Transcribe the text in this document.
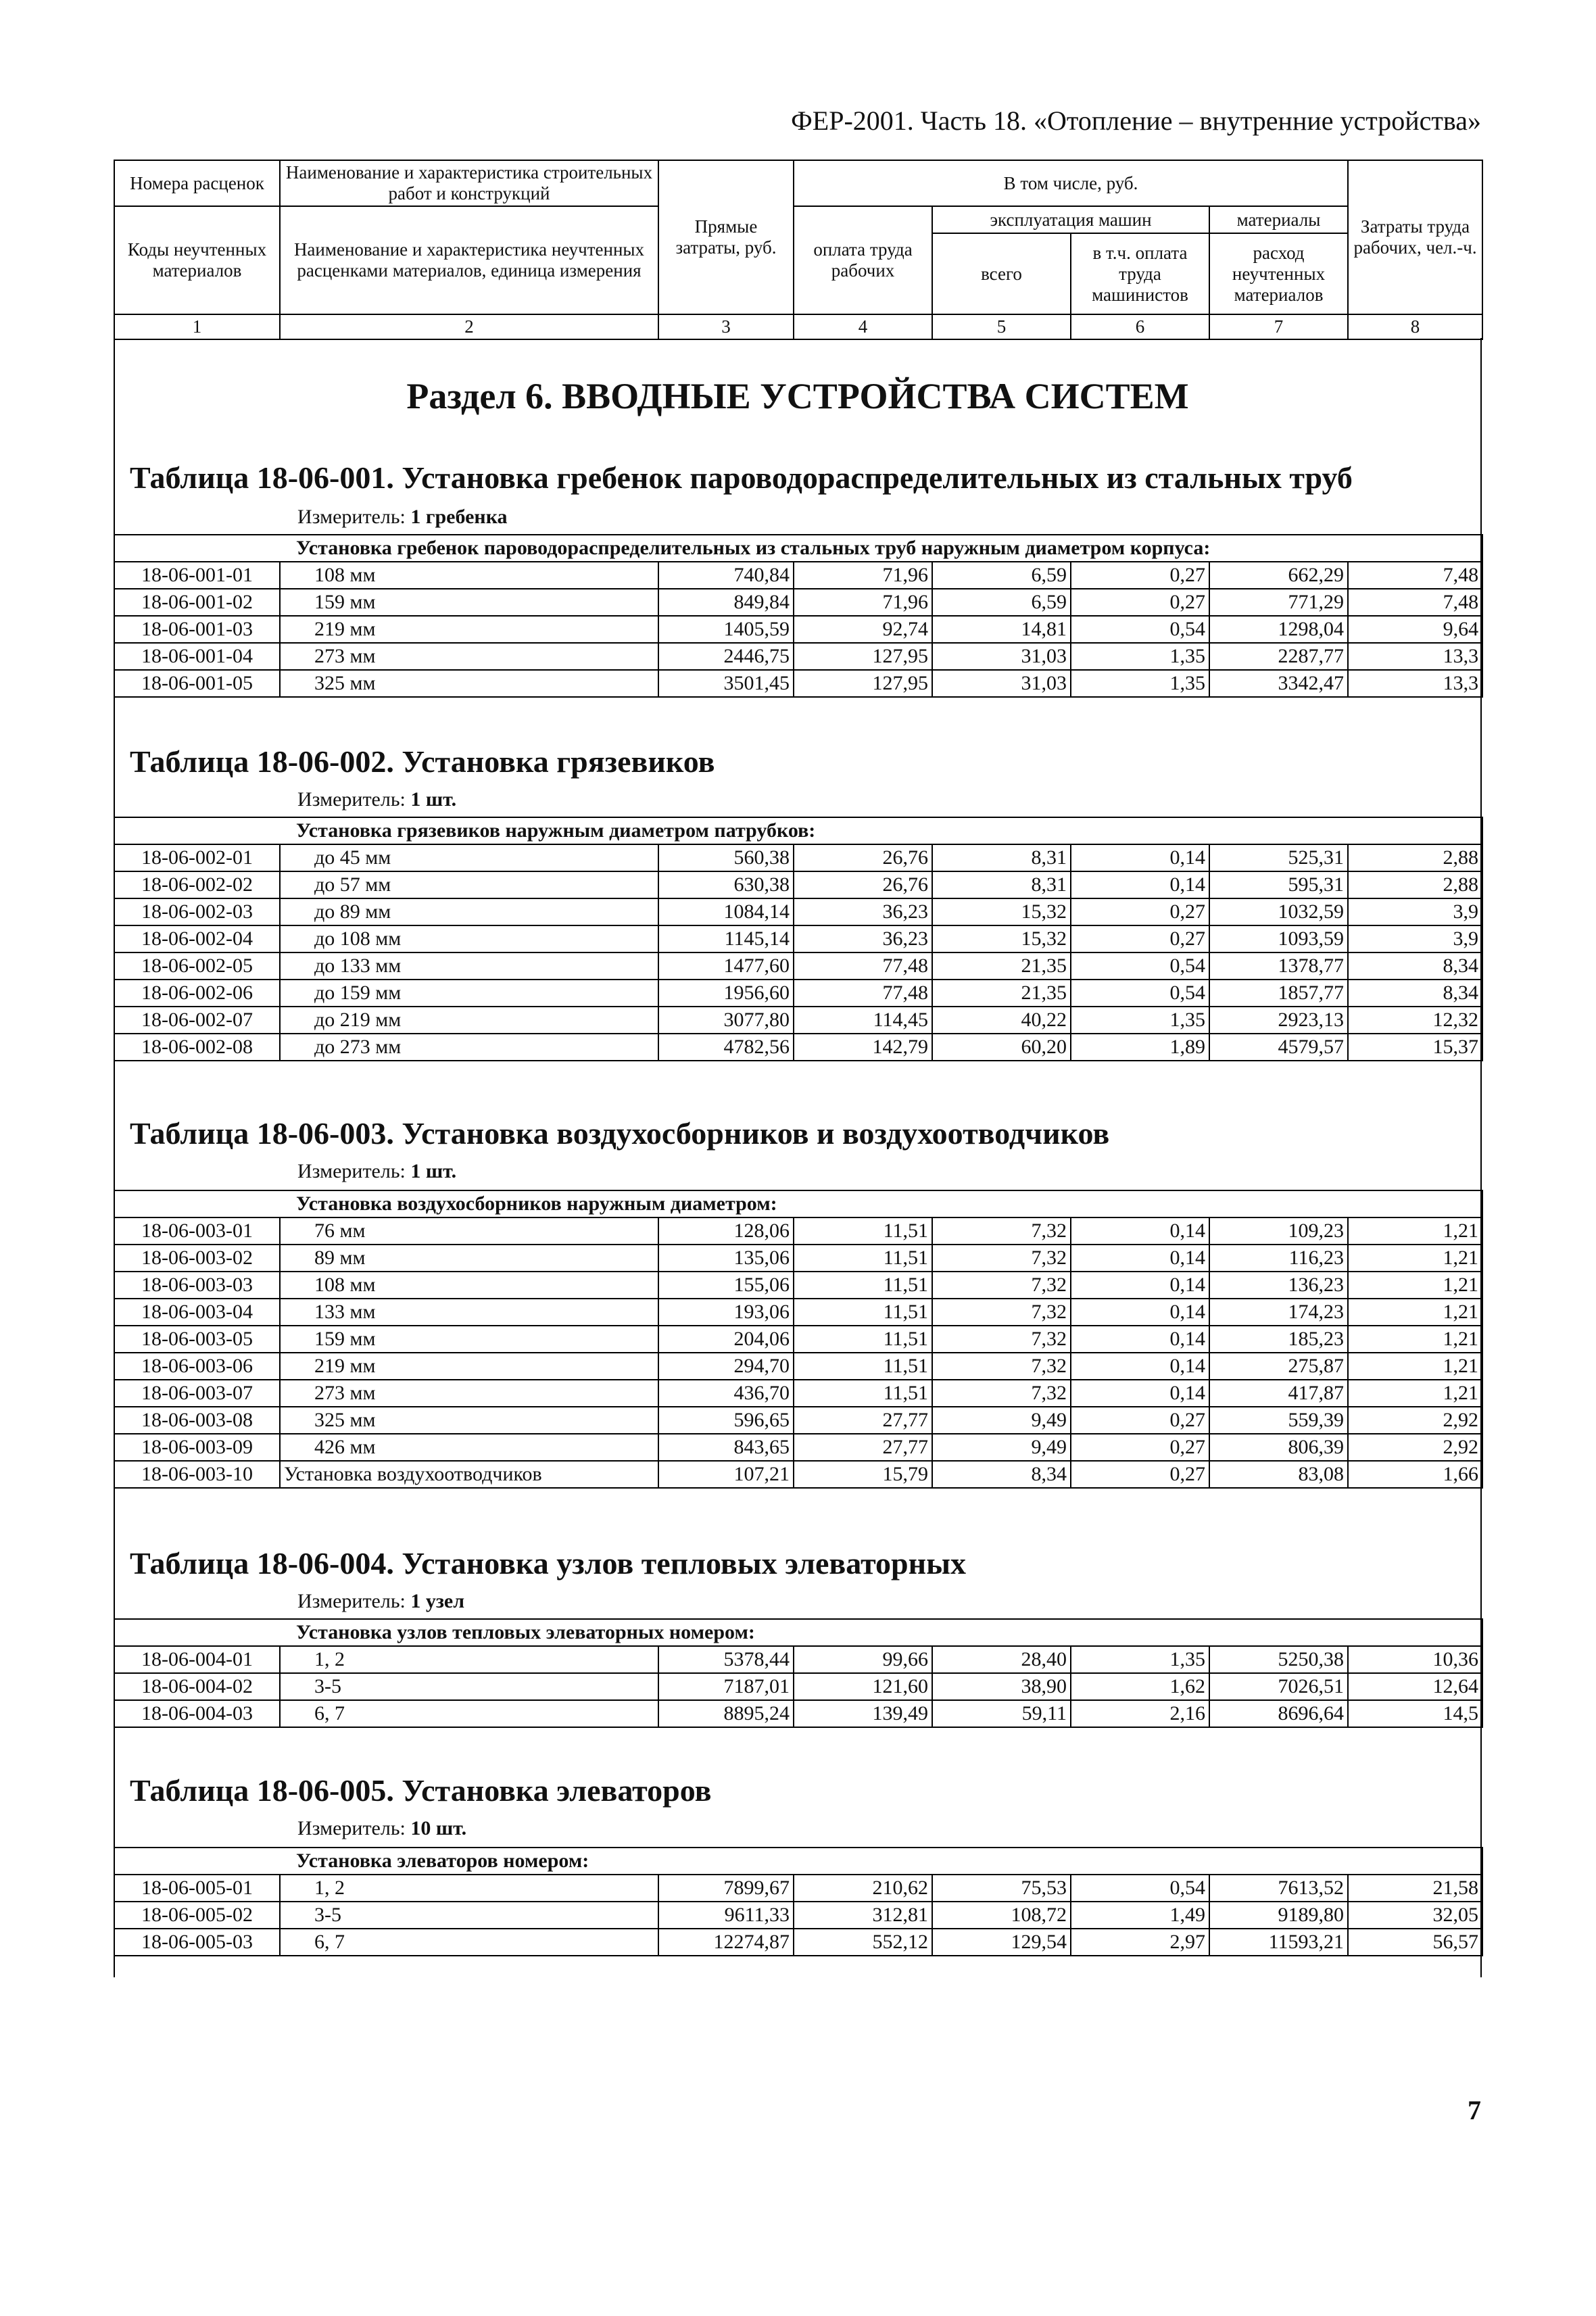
ФЕР-2001. Часть 18. «Отопление – внутренние устройства»
Номера расценок	Наименование и характеристика строительных работ и конструкций	Прямые затраты, руб.	В том числе, руб.				Затраты труда рабочих, чел.-ч.
Коды неучтенных материалов	Наименование и характеристика неучтенных расценками материалов, единица измерения		оплата труда рабочих	эксплуатация машин		материалы	
				всего	в т.ч. оплата труда машинистов	расход неучтенных материалов	
1	2	3	4	5	6	7	8
Раздел 6. ВВОДНЫЕ УСТРОЙСТВА СИСТЕМ
Таблица 18-06-001. Установка гребенок пароводораспределительных из стальных труб
Измеритель: 1 гребенка
Установка гребенок пароводораспределительных из стальных труб наружным диаметром корпуса:							
18-06-001-01	108 мм	740,84	71,96	6,59	0,27	662,29	7,48
18-06-001-02	159 мм	849,84	71,96	6,59	0,27	771,29	7,48
18-06-001-03	219 мм	1405,59	92,74	14,81	0,54	1298,04	9,64
18-06-001-04	273 мм	2446,75	127,95	31,03	1,35	2287,77	13,3
18-06-001-05	325 мм	3501,45	127,95	31,03	1,35	3342,47	13,3
Таблица 18-06-002. Установка грязевиков
Измеритель: 1 шт.
Установка грязевиков наружным диаметром патрубков:							
18-06-002-01	до 45 мм	560,38	26,76	8,31	0,14	525,31	2,88
18-06-002-02	до 57 мм	630,38	26,76	8,31	0,14	595,31	2,88
18-06-002-03	до 89 мм	1084,14	36,23	15,32	0,27	1032,59	3,9
18-06-002-04	до 108 мм	1145,14	36,23	15,32	0,27	1093,59	3,9
18-06-002-05	до 133 мм	1477,60	77,48	21,35	0,54	1378,77	8,34
18-06-002-06	до 159 мм	1956,60	77,48	21,35	0,54	1857,77	8,34
18-06-002-07	до 219 мм	3077,80	114,45	40,22	1,35	2923,13	12,32
18-06-002-08	до 273 мм	4782,56	142,79	60,20	1,89	4579,57	15,37
Таблица 18-06-003. Установка воздухосборников и воздухоотводчиков
Измеритель: 1 шт.
Установка воздухосборников наружным диаметром:							
18-06-003-01	76 мм	128,06	11,51	7,32	0,14	109,23	1,21
18-06-003-02	89 мм	135,06	11,51	7,32	0,14	116,23	1,21
18-06-003-03	108 мм	155,06	11,51	7,32	0,14	136,23	1,21
18-06-003-04	133 мм	193,06	11,51	7,32	0,14	174,23	1,21
18-06-003-05	159 мм	204,06	11,51	7,32	0,14	185,23	1,21
18-06-003-06	219 мм	294,70	11,51	7,32	0,14	275,87	1,21
18-06-003-07	273 мм	436,70	11,51	7,32	0,14	417,87	1,21
18-06-003-08	325 мм	596,65	27,77	9,49	0,27	559,39	2,92
18-06-003-09	426 мм	843,65	27,77	9,49	0,27	806,39	2,92
18-06-003-10	Установка воздухоотводчиков	107,21	15,79	8,34	0,27	83,08	1,66
Таблица 18-06-004. Установка узлов тепловых элеваторных
Измеритель: 1 узел
Установка узлов тепловых элеваторных номером:							
18-06-004-01	1, 2	5378,44	99,66	28,40	1,35	5250,38	10,36
18-06-004-02	3-5	7187,01	121,60	38,90	1,62	7026,51	12,64
18-06-004-03	6, 7	8895,24	139,49	59,11	2,16	8696,64	14,5
Таблица 18-06-005. Установка элеваторов
Измеритель: 10 шт.
Установка элеваторов номером:							
18-06-005-01	1, 2	7899,67	210,62	75,53	0,54	7613,52	21,58
18-06-005-02	3-5	9611,33	312,81	108,72	1,49	9189,80	32,05
18-06-005-03	6, 7	12274,87	552,12	129,54	2,97	11593,21	56,57
7
